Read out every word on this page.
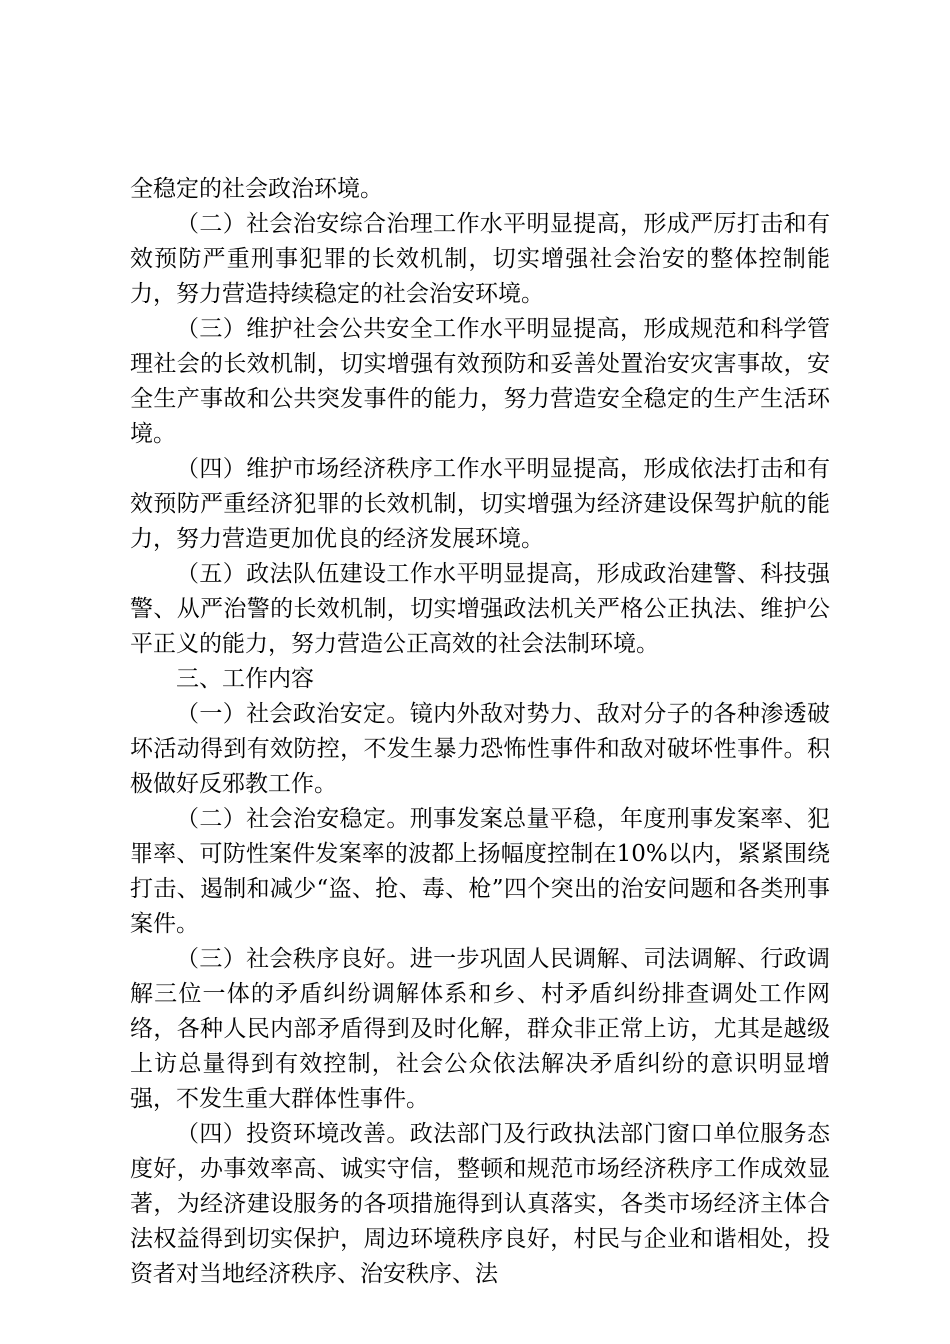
全稳定的社会政治环境。

（二）社会治安综合治理工作水平明显提高，形成严厉打击和有效预防严重刑事犯罪的长效机制，切实增强社会治安的整体控制能力，努力营造持续稳定的社会治安环境。

（三）维护社会公共安全工作水平明显提高，形成规范和科学管理社会的长效机制，切实增强有效预防和妥善处置治安灾害事故，安全生产事故和公共突发事件的能力，努力营造安全稳定的生产生活环境。

（四）维护市场经济秩序工作水平明显提高，形成依法打击和有效预防严重经济犯罪的长效机制，切实增强为经济建设保驾护航的能力，努力营造更加优良的经济发展环境。

（五）政法队伍建设工作水平明显提高，形成政治建警、科技强警、从严治警的长效机制，切实增强政法机关严格公正执法、维护公平正义的能力，努力营造公正高效的社会法制环境。

三、工作内容

（一）社会政治安定。镜内外敌对势力、敌对分子的各种渗透破坏活动得到有效防控，不发生暴力恐怖性事件和敌对破坏性事件。积极做好反邪教工作。

（二）社会治安稳定。刑事发案总量平稳，年度刑事发案率、犯罪率、可防性案件发案率的波都上扬幅度控制在10%以内，紧紧围绕打击、遏制和减少“盗、抢、毒、枪”四个突出的治安问题和各类刑事案件。

（三）社会秩序良好。进一步巩固人民调解、司法调解、行政调解三位一体的矛盾纠纷调解体系和乡、村矛盾纠纷排查调处工作网络，各种人民内部矛盾得到及时化解，群众非正常上访，尤其是越级上访总量得到有效控制，社会公众依法解决矛盾纠纷的意识明显增强，不发生重大群体性事件。

（四）投资环境改善。政法部门及行政执法部门窗口单位服务态度好，办事效率高、诚实守信，整顿和规范市场经济秩序工作成效显著，为经济建设服务的各项措施得到认真落实，各类市场经济主体合法权益得到切实保护，周边环境秩序良好，村民与企业和谐相处，投资者对当地经济秩序、治安秩序、法
